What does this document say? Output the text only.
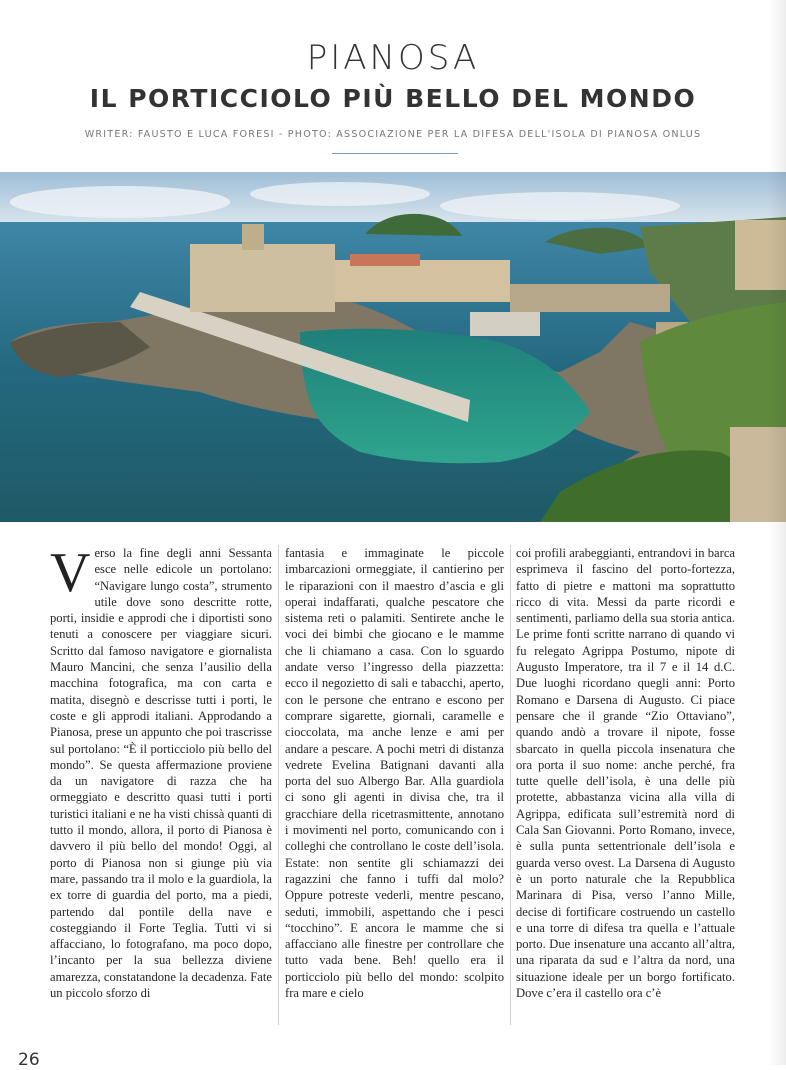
PIANOSA
IL PORTICCIOLO PIÙ BELLO DEL MONDO
WRITER: FAUSTO E LUCA FORESI - PHOTO: ASSOCIAZIONE PER LA DIFESA DELL'ISOLA DI PIANOSA ONLUS
Verso la fine degli anni Sessanta esce nelle edicole un portolano: “Navigare lungo costa”, strumento utile dove sono descritte rotte, porti, insidie e approdi che i diportisti sono tenuti a conoscere per viaggiare sicuri. Scritto dal famoso navigatore e giornalista Mauro Mancini, che senza l’ausilio della macchina fotografica, ma con carta e matita, disegnò e descrisse tutti i porti, le coste e gli approdi italiani. Approdando a Pianosa, prese un appunto che poi trascrisse sul portolano: “È il porticciolo più bello del mondo”. Se questa affermazione proviene da un navigatore di razza che ha ormeggiato e descritto quasi tutti i porti turistici italiani e ne ha visti chissà quanti di tutto il mondo, allora, il porto di Pianosa è davvero il più bello del mondo! Oggi, al porto di Pianosa non si giunge più via mare, passando tra il molo e la guardiola, la ex torre di guardia del porto, ma a piedi, partendo dal pontile della nave e costeggiando il Forte Teglia. Tutti vi si affacciano, lo fotografano, ma poco dopo, l’incanto per la sua bellezza diviene amarezza, constatandone la decadenza. Fate un piccolo sforzo di

fantasia e immaginate le piccole imbarcazioni ormeggiate, il cantierino per le riparazioni con il maestro d’ascia e gli operai indaffarati, qualche pescatore che sistema reti o palamiti. Sentirete anche le voci dei bimbi che giocano e le mamme che li chiamano a casa. Con lo sguardo andate verso l’ingresso della piazzetta: ecco il negozietto di sali e tabacchi, aperto, con le persone che entrano e escono per comprare sigarette, giornali, caramelle e cioccolata, ma anche lenze e ami per andare a pescare. A pochi metri di distanza vedrete Evelina Batignani davanti alla porta del suo Albergo Bar. Alla guardiola ci sono gli agenti in divisa che, tra il gracchiare della ricetrasmittente, annotano i movimenti nel porto, comunicando con i colleghi che controllano le coste dell’isola. Estate: non sentite gli schiamazzi dei ragazzini che fanno i tuffi dal molo? Oppure potreste vederli, mentre pescano, seduti, immobili, aspettando che i pesci “tocchino”. E ancora le mamme che si affacciano alle finestre per controllare che tutto vada bene. Beh! quello era il porticciolo più bello del mondo: scolpito fra mare e cielo

coi profili arabeggianti, entrandovi in barca esprimeva il fascino del porto-fortezza, fatto di pietre e mattoni ma soprattutto ricco di vita. Messi da parte ricordi e sentimenti, parliamo della sua storia antica. Le prime fonti scritte narrano di quando vi fu relegato Agrippa Postumo, nipote di Augusto Imperatore, tra il 7 e il 14 d.C. Due luoghi ricordano quegli anni: Porto Romano e Darsena di Augusto. Ci piace pensare che il grande “Zio Ottaviano”, quando andò a trovare il nipote, fosse sbarcato in quella piccola insenatura che ora porta il suo nome: anche perché, fra tutte quelle dell’isola, è una delle più protette, abbastanza vicina alla villa di Agrippa, edificata sull’estremità nord di Cala San Giovanni. Porto Romano, invece, è sulla punta settentrionale dell’isola e guarda verso ovest. La Darsena di Augusto è un porto naturale che la Repubblica Marinara di Pisa, verso l’anno Mille, decise di fortificare costruendo un castello e una torre di difesa tra quella e l’attuale porto. Due insenature una accanto all’altra, una riparata da sud e l’altra da nord, una situazione ideale per un borgo fortificato. Dove c’era il castello ora c’è

26
